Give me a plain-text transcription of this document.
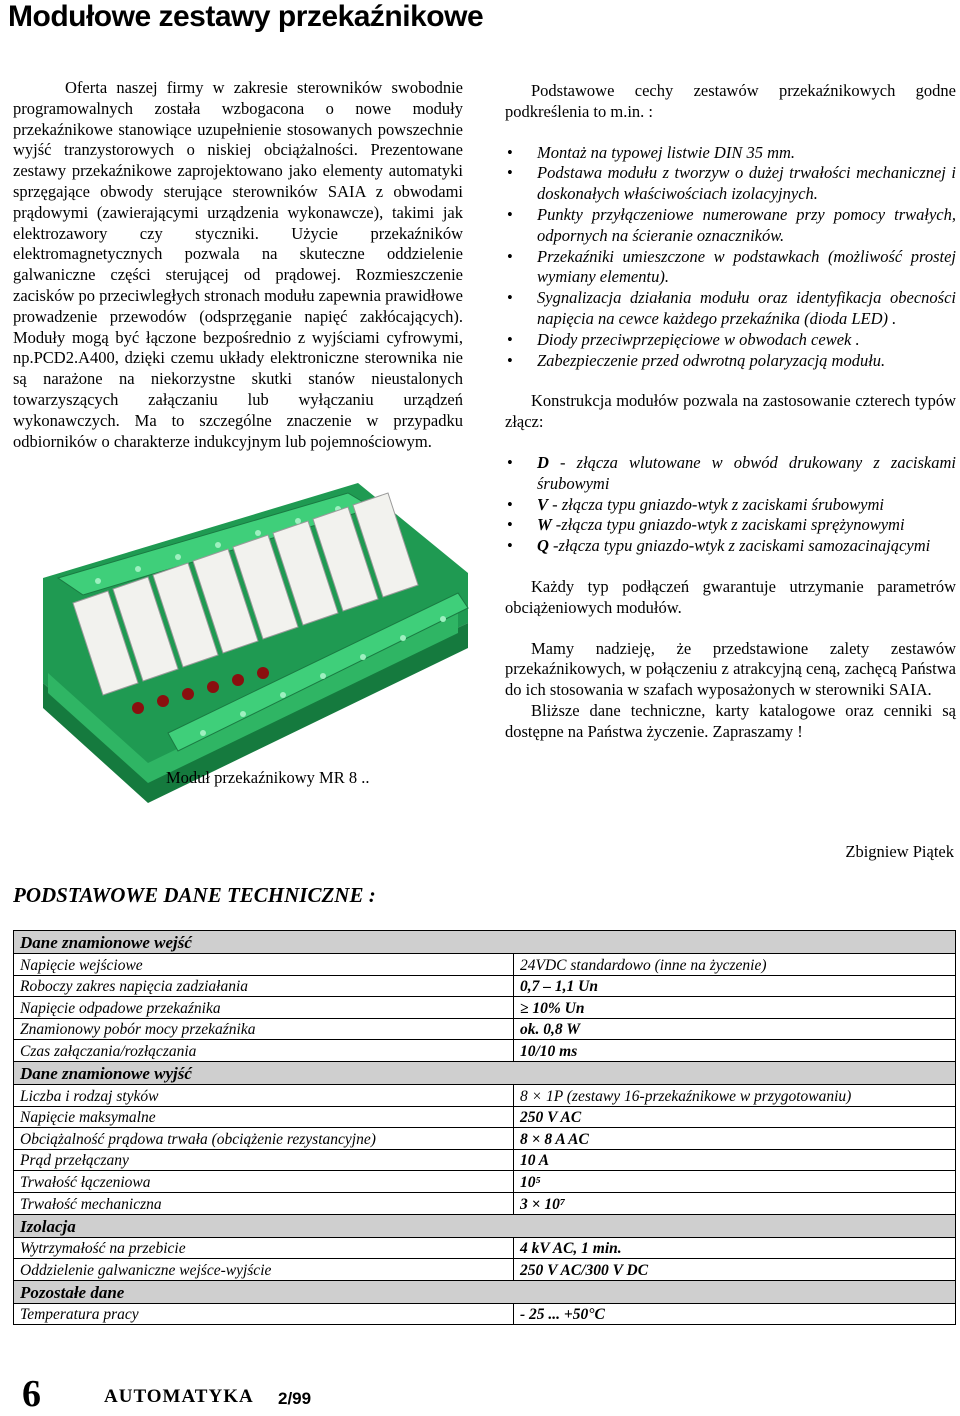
Modułowe zestawy przekaźnikowe

Oferta naszej firmy w zakresie sterowników swobodnie programowalnych została wzbogacona o nowe moduły przekaźnikowe stanowiące uzupełnienie stosowanych powszechnie wyjść tranzystorowych o niskiej obciążalności. Prezentowane zestawy przekaźnikowe zaprojektowano jako elementy automatyki sprzęgające obwody sterujące sterowników SAIA z obwodami prądowymi (zawierającymi urządzenia wykonawcze), takimi jak elektrozawory czy styczniki. Użycie przekaźników elektromagnetycznych pozwala na skuteczne oddzielenie galwaniczne części sterującej od prądowej. Rozmieszczenie zacisków po przeciwległych stronach modułu zapewnia prawidłowe prowadzenie przewodów (odsprzęganie napięć zakłócających). Moduły mogą być łączone bezpośrednio z wyjściami cyfrowymi, np.PCD2.A400, dzięki czemu układy elektroniczne sterownika nie są narażone na niekorzystne skutki stanów nieustalonych towarzyszących załączaniu lub wyłączaniu urządzeń wykonawczych. Ma to szczególne znaczenie w przypadku odbiorników o charakterze indukcyjnym lub pojemnościowym.

Moduł przekaźnikowy MR 8 ..

Podstawowe cechy zestawów przekaźnikowych godne podkreślenia to m.in. :

• Montaż na typowej listwie DIN 35 mm.
• Podstawa modułu z tworzyw o dużej trwałości mechanicznej i doskonałych właściwościach izolacyjnych.
• Punkty przyłączeniowe numerowane przy pomocy trwałych, odpornych na ścieranie oznaczników.
• Przekaźniki umieszczone w podstawkach (możliwość prostej wymiany elementu).
• Sygnalizacja działania modułu oraz identyfikacja obecności napięcia na cewce każdego przekaźnika (dioda LED) .
• Diody przeciwprzepięciowe w obwodach cewek .
• Zabezpieczenie przed odwrotną polaryzacją modułu.

Konstrukcja modułów pozwala na zastosowanie czterech typów złącz:

• D - złącza wlutowane w obwód drukowany z zaciskami śrubowymi
• V - złącza typu gniazdo-wtyk z zaciskami śrubowymi
• W -złącza typu gniazdo-wtyk z zaciskami sprężynowymi
• Q -złącza typu gniazdo-wtyk z zaciskami samozacinającymi

Każdy typ podłączeń gwarantuje utrzymanie parametrów obciążeniowych modułów.

Mamy nadzieję, że przedstawione zalety zestawów przekaźnikowych, w połączeniu z atrakcyjną ceną, zachęcą Państwa do ich stosowania w szafach wyposażonych w sterowniki SAIA.

Bliższe dane techniczne, karty katalogowe oraz cenniki są dostępne na Państwa życzenie. Zapraszamy !

Zbigniew Piątek
PODSTAWOWE DANE TECHNICZNE :
Dane znamionowe wejść	
Napięcie wejściowe	24VDC standardowo (inne na życzenie)
Roboczy zakres napięcia zadziałania	0,7 – 1,1 Un
Napięcie odpadowe przekaźnika	≥ 10% Un
Znamionowy pobór mocy przekaźnika	ok. 0,8 W
Czas załączania/rozłączania	10/10 ms
Dane znamionowe wyjść	
Liczba i rodzaj styków	8 × 1P (zestawy 16-przekaźnikowe w przygotowaniu)
Napięcie maksymalne	250 V AC
Obciążalność prądowa trwała (obciążenie rezystancyjne)	8 × 8 A AC
Prąd przełączany	10 A
Trwałość łączeniowa	10⁵
Trwałość mechaniczna	3 × 10⁷
Izolacja	
Wytrzymałość na przebicie	4 kV AC, 1 min.
Oddzielenie galwaniczne wejśce-wyjście	250 V AC/300 V DC
Pozostałe dane	
Temperatura pracy	- 25 ... +50°C
6	AUTOMATYKA 2/99
